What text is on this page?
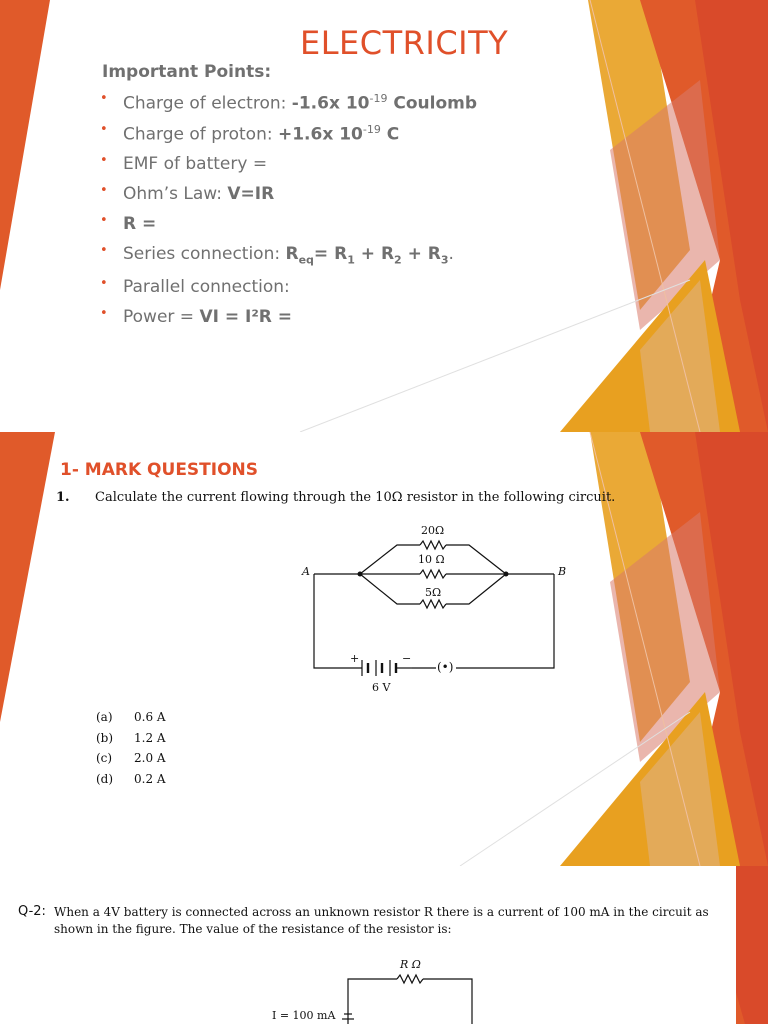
ELECTRICITY
Important Points:
• Charge of electron: -1.6x $10^{-19}$ Coulomb
• Charge of proton: +1.6x $10^{-19}$ C
• EMF of battery =
• Ohm’s Law: V=IR
• R =
• Series connection: $R_{eq}= R_1 + R_2 + R_3$.
• Parallel connection:
• Power = VI = I²R =
1- MARK QUESTIONS
1. Calculate the current flowing through the 10Ω resistor in the following circuit.
20Ω
10 Ω
5Ω
A	B
+	−
(•)
6 V
(a) 0.6 A
(b) 1.2 A
(c) 2.0 A
(d) 0.2 A
Q-2: When a 4V battery is connected across an unknown resistor R there is a current of 100 mA in the circuit as shown in the figure. The value of the resistance of the resistor is:
R Ω
I = 100 mA
